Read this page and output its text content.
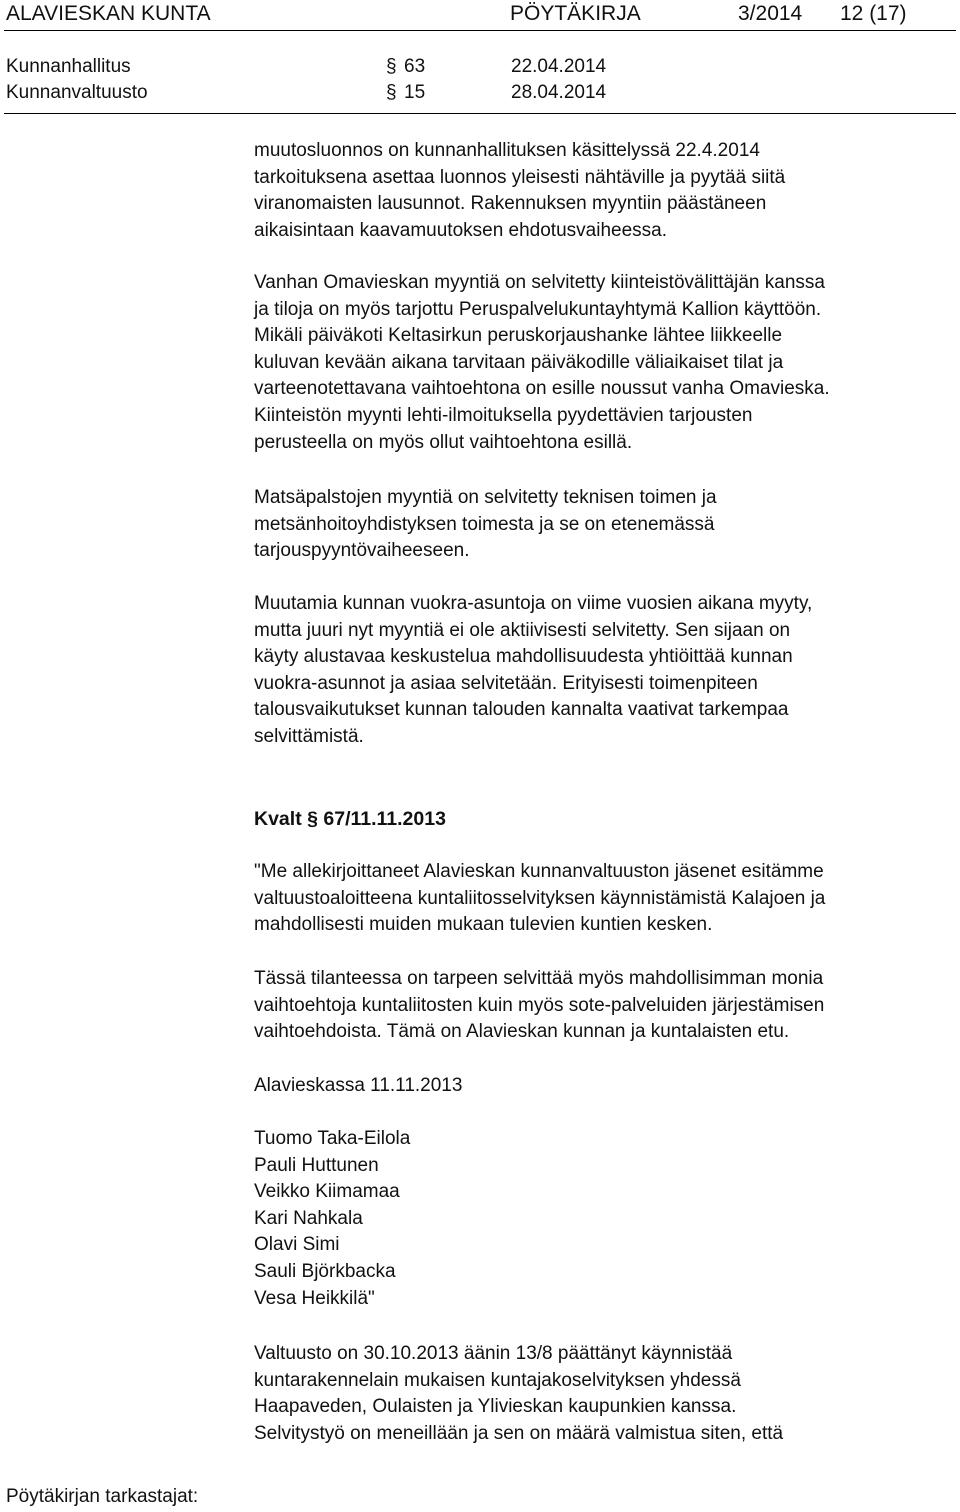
ALAVIESKAN KUNTA	PÖYTÄKIRJA	3/2014 12 (17)
Kunnanhallitus	§ 63	22.04.2014
Kunnanvaltuusto	§ 15	28.04.2014
muutosluonnos on kunnanhallituksen käsittelyssä 22.4.2014
tarkoituksena asettaa luonnos yleisesti nähtäville ja pyytää siitä
viranomaisten lausunnot. Rakennuksen myyntiin päästäneen
aikaisintaan kaavamuutoksen ehdotusvaiheessa.
Vanhan Omavieskan myyntiä on selvitetty kiinteistövälittäjän kanssa
ja tiloja on myös tarjottu Peruspalvelukuntayhtymä Kallion käyttöön.
Mikäli päiväkoti Keltasirkun peruskorjaushanke lähtee liikkeelle
kuluvan kevään aikana tarvitaan päiväkodille väliaikaiset tilat ja
varteenotettavana vaihtoehtona on esille noussut vanha Omavieska.
Kiinteistön myynti lehti-ilmoituksella pyydettävien tarjousten
perusteella on myös ollut vaihtoehtona esillä.
Matsäpalstojen myyntiä on selvitetty teknisen toimen ja
metsänhoitoyhdistyksen toimesta ja se on etenemässä
tarjouspyyntövaiheeseen.
Muutamia kunnan vuokra-asuntoja on viime vuosien aikana myyty,
mutta juuri nyt myyntiä ei ole aktiivisesti selvitetty. Sen sijaan on
käyty alustavaa keskustelua mahdollisuudesta yhtiöittää kunnan
vuokra-asunnot ja asiaa selvitetään. Erityisesti toimenpiteen
talousvaikutukset kunnan talouden kannalta vaativat tarkempaa
selvittämistä.
Kvalt § 67/11.11.2013
"Me allekirjoittaneet Alavieskan kunnanvaltuuston jäsenet esitämme
valtuustoaloitteena kuntaliitosselvityksen käynnistämistä Kalajoen ja
mahdollisesti muiden mukaan tulevien kuntien kesken.
Tässä tilanteessa on tarpeen selvittää myös mahdollisimman monia
vaihtoehtoja kuntaliitosten kuin myös sote-palveluiden järjestämisen
vaihtoehdoista. Tämä on Alavieskan kunnan ja kuntalaisten etu.
Alavieskassa 11.11.2013
Tuomo Taka-Eilola
Pauli Huttunen
Veikko Kiimamaa
Kari Nahkala
Olavi Simi
Sauli Björkbacka
Vesa Heikkilä"
Valtuusto on 30.10.2013 äänin 13/8 päättänyt käynnistää
kuntarakennelain mukaisen kuntajakoselvityksen yhdessä
Haapaveden, Oulaisten ja Ylivieskan kaupunkien kanssa.
Selvitystyö on meneillään ja sen on määrä valmistua siten, että
Pöytäkirjan tarkastajat:
